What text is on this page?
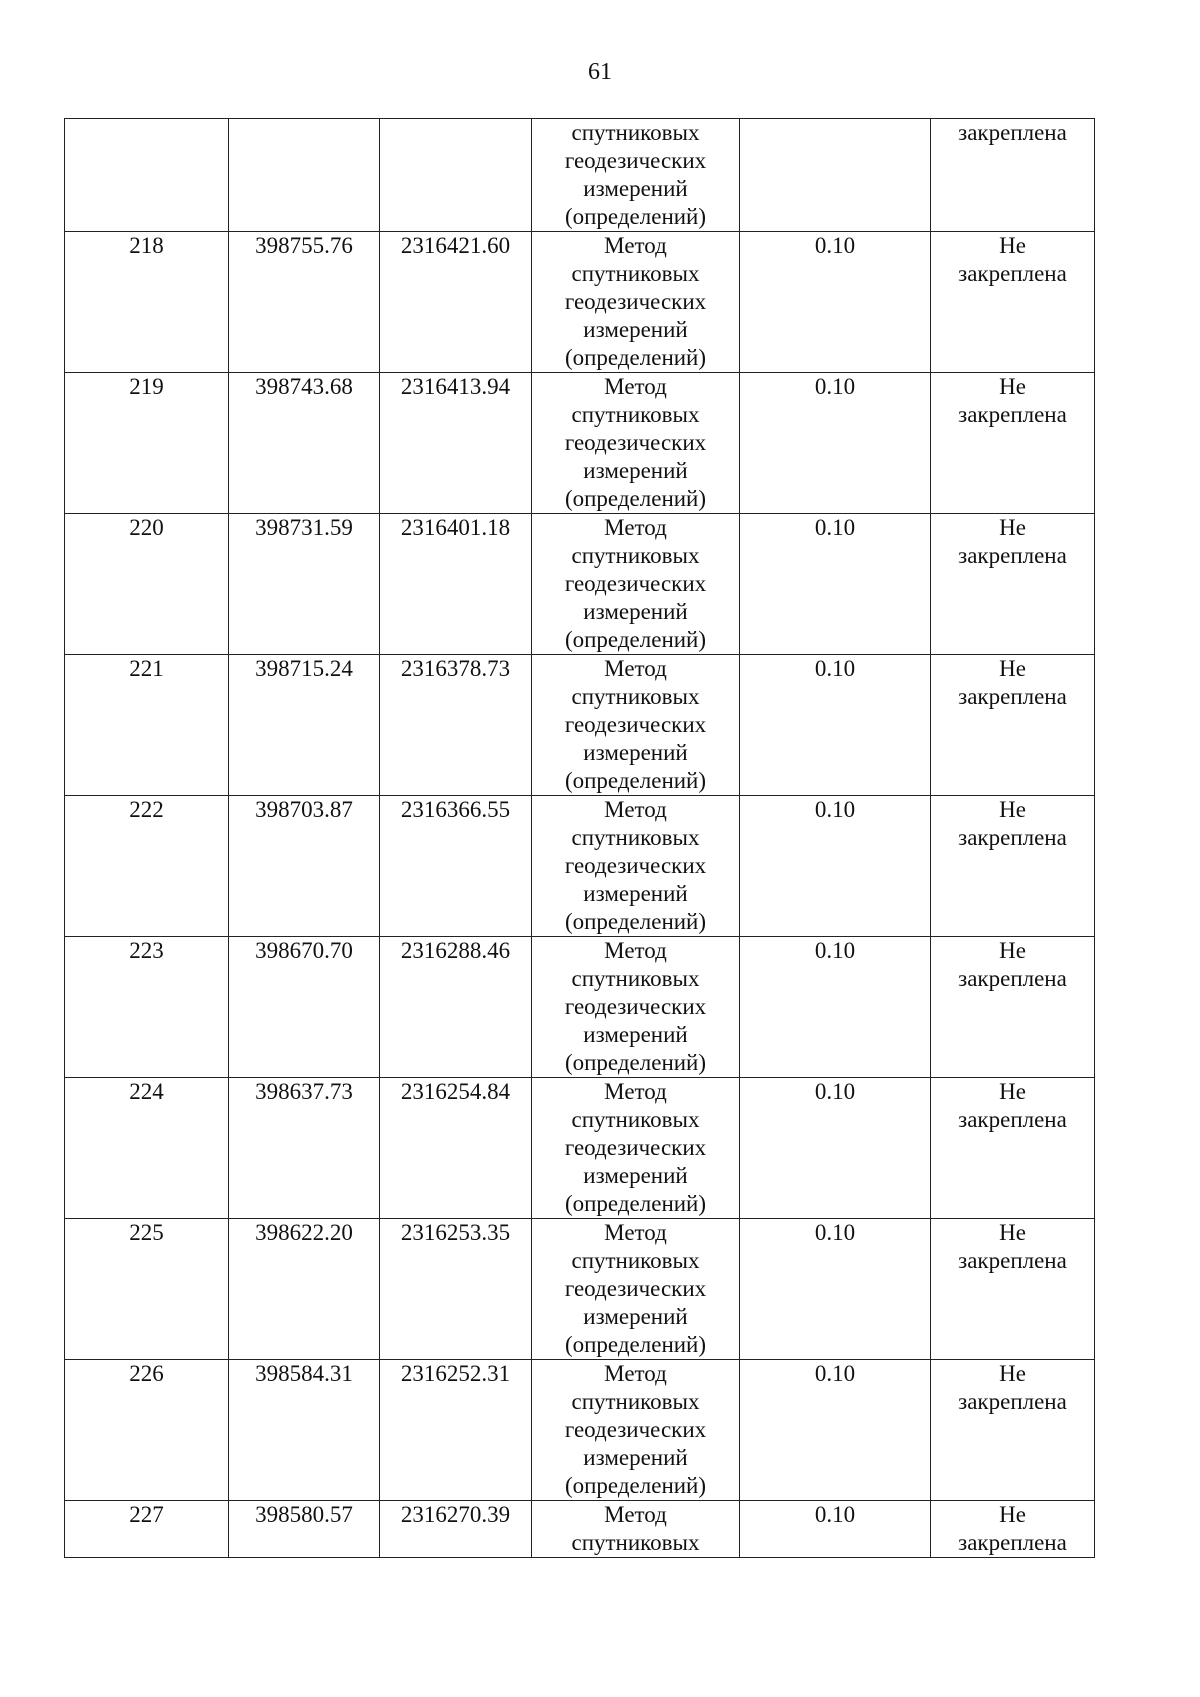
61

			спутниковых
геодезических
измерений
(определений)		закреплена

218	398755.76	2316421.60	Метод
спутниковых
геодезических
измерений
(определений)	0.10	Не
закреплена

219	398743.68	2316413.94	Метод
спутниковых
геодезических
измерений
(определений)	0.10	Не
закреплена

220	398731.59	2316401.18	Метод
спутниковых
геодезических
измерений
(определений)	0.10	Не
закреплена

221	398715.24	2316378.73	Метод
спутниковых
геодезических
измерений
(определений)	0.10	Не
закреплена

222	398703.87	2316366.55	Метод
спутниковых
геодезических
измерений
(определений)	0.10	Не
закреплена

223	398670.70	2316288.46	Метод
спутниковых
геодезических
измерений
(определений)	0.10	Не
закреплена

224	398637.73	2316254.84	Метод
спутниковых
геодезических
измерений
(определений)	0.10	Не
закреплена

225	398622.20	2316253.35	Метод
спутниковых
геодезических
измерений
(определений)	0.10	Не
закреплена

226	398584.31	2316252.31	Метод
спутниковых
геодезических
измерений
(определений)	0.10	Не
закреплена

227	398580.57	2316270.39	Метод
спутниковых	0.10	Не
закреплена
